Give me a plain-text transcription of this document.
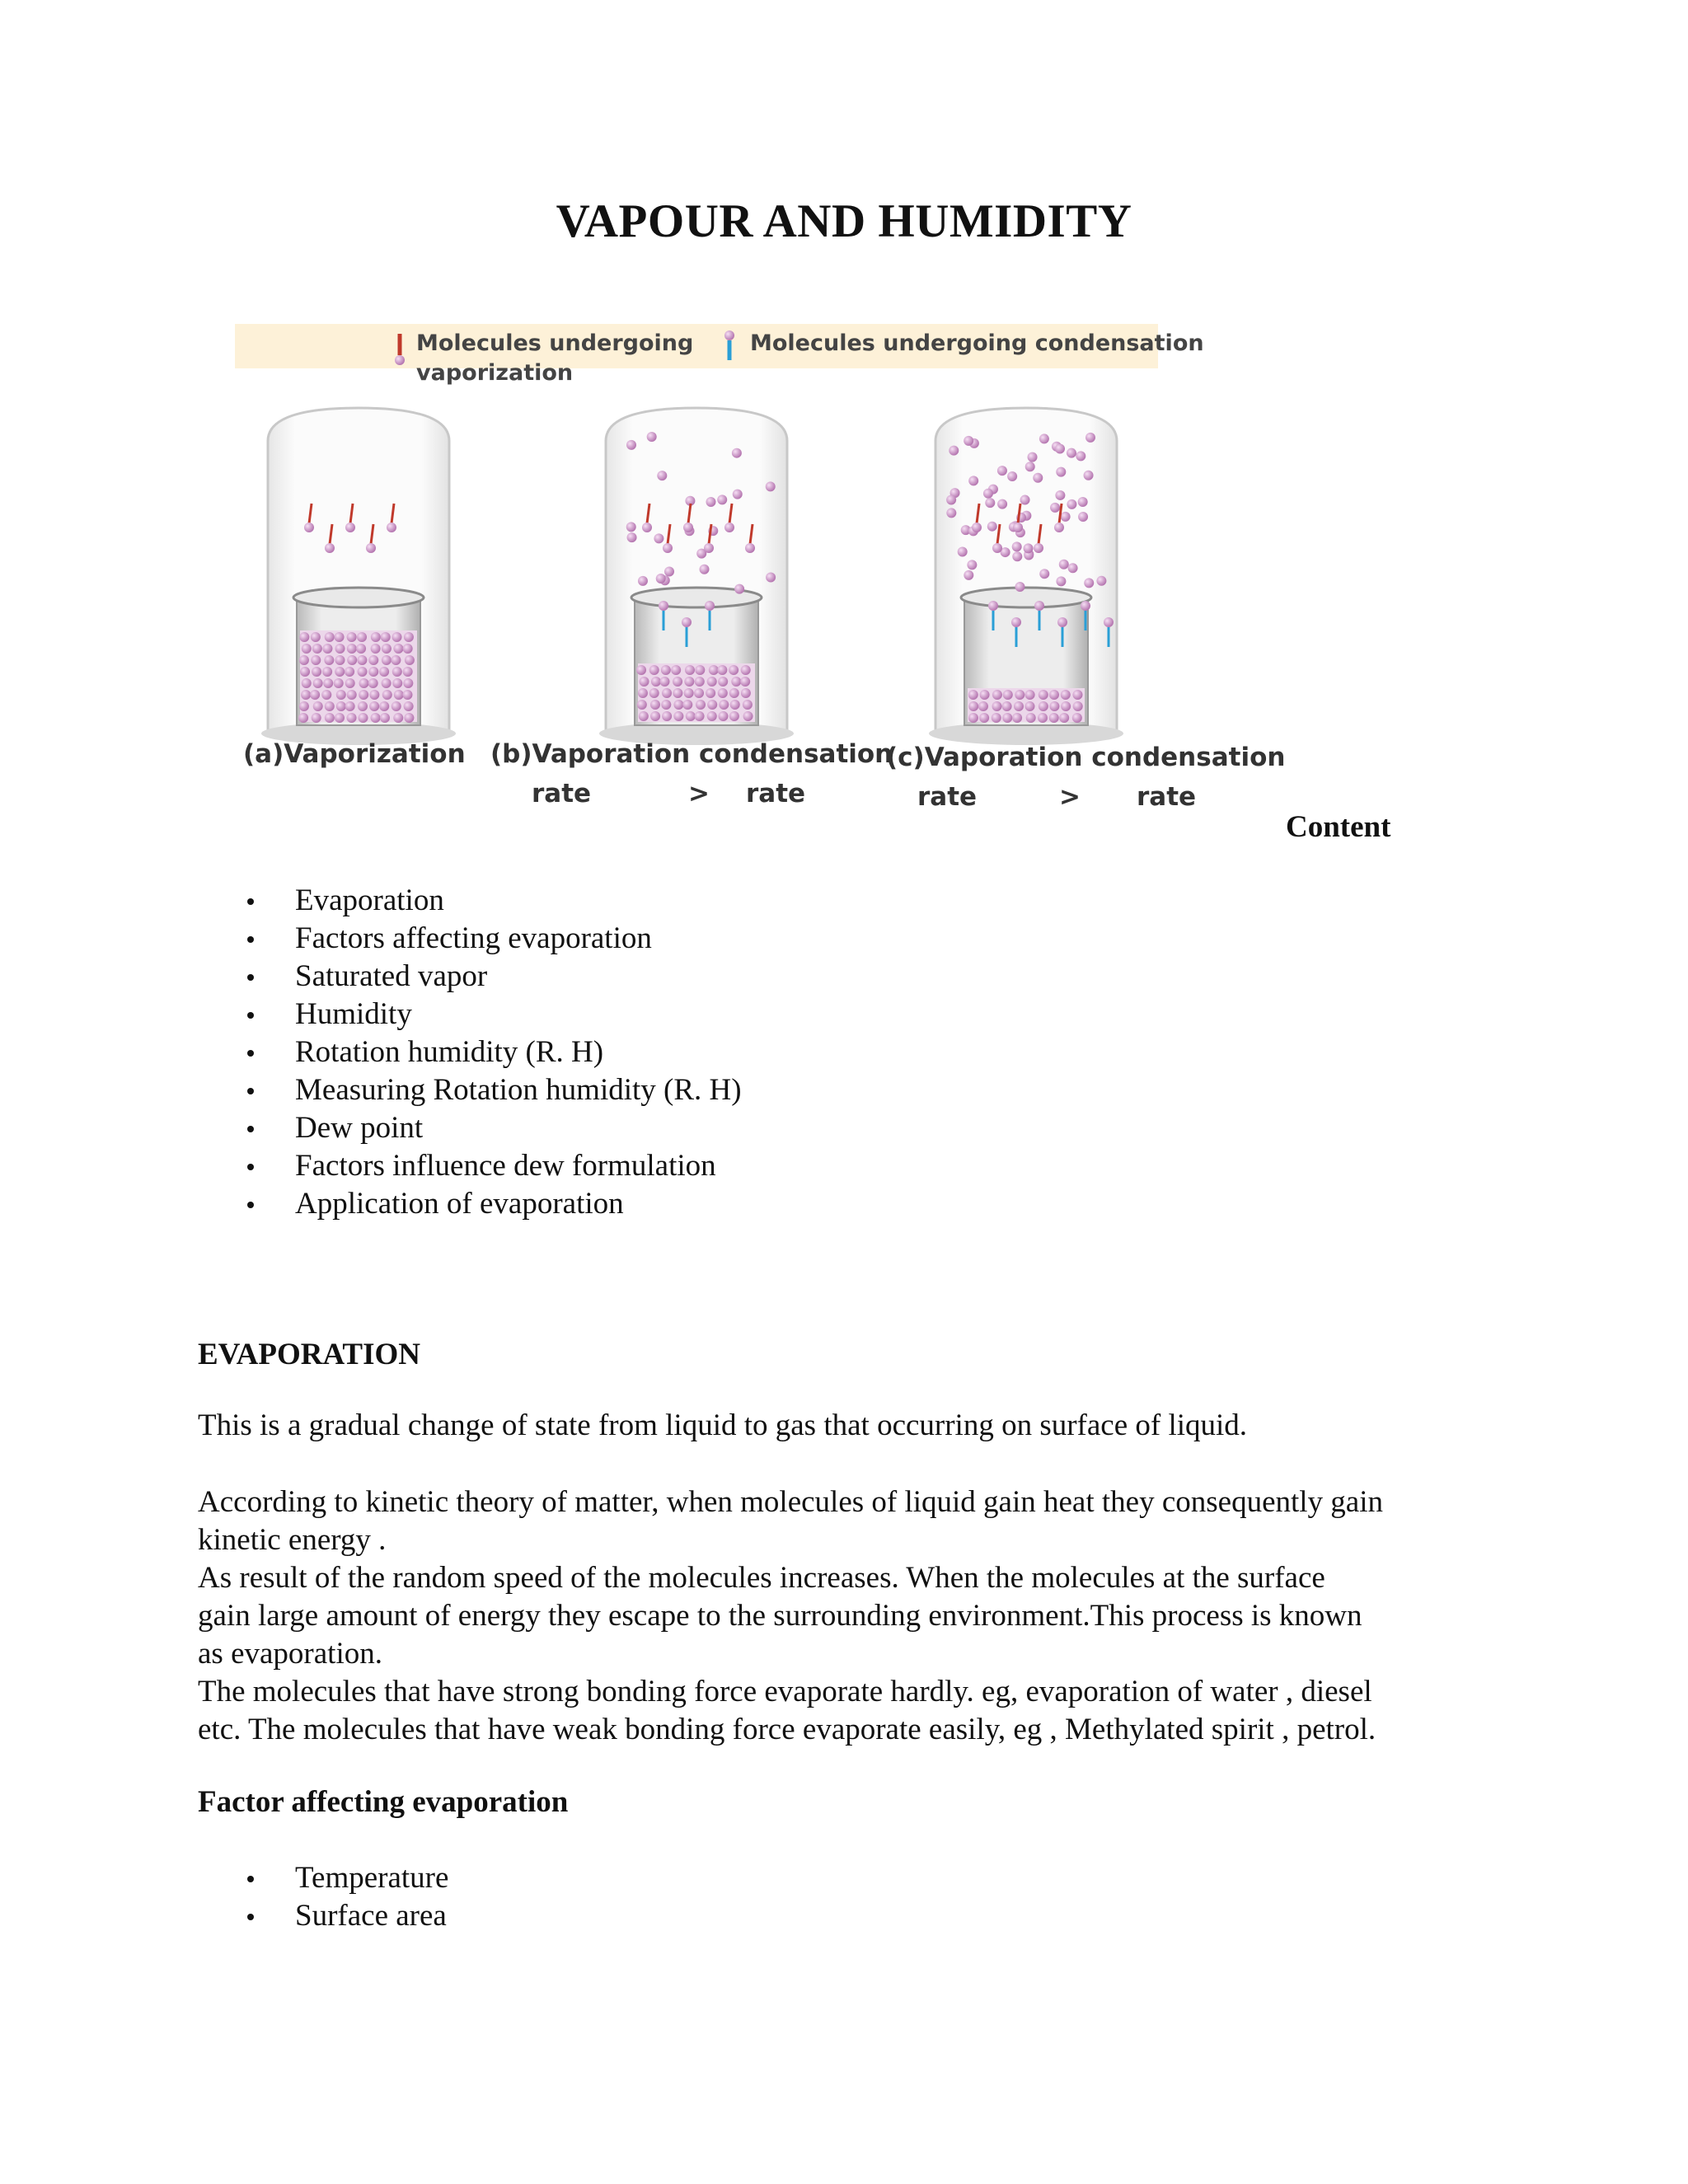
VAPOUR AND HUMIDITY
Molecules undergoing
vaporization
Molecules undergoing condensation
(a)Vaporization (b)Vaporation condensation
rate	> rate
(c)Vaporation condensation
rate	> rate
Content
Evaporation
Factors affecting evaporation
Saturated vapor
Humidity
Rotation humidity (R. H)
Measuring Rotation humidity (R. H)
Dew point
Factors influence dew formulation
Application of evaporation
EVAPORATION

This is a gradual change of state from liquid to gas that occurring on surface of liquid.

According to kinetic theory of matter, when molecules of liquid gain heat they consequently gain
kinetic energy .
As result of the random speed of the molecules increases. When the molecules at the surface
gain large amount of energy they escape to the surrounding environment.This process is known
as evaporation.
The molecules that have strong bonding force evaporate hardly. eg, evaporation of water , diesel
etc. The molecules that have weak bonding force evaporate easily, eg , Methylated spirit , petrol.
Factor affecting evaporation
Temperature
Surface area
